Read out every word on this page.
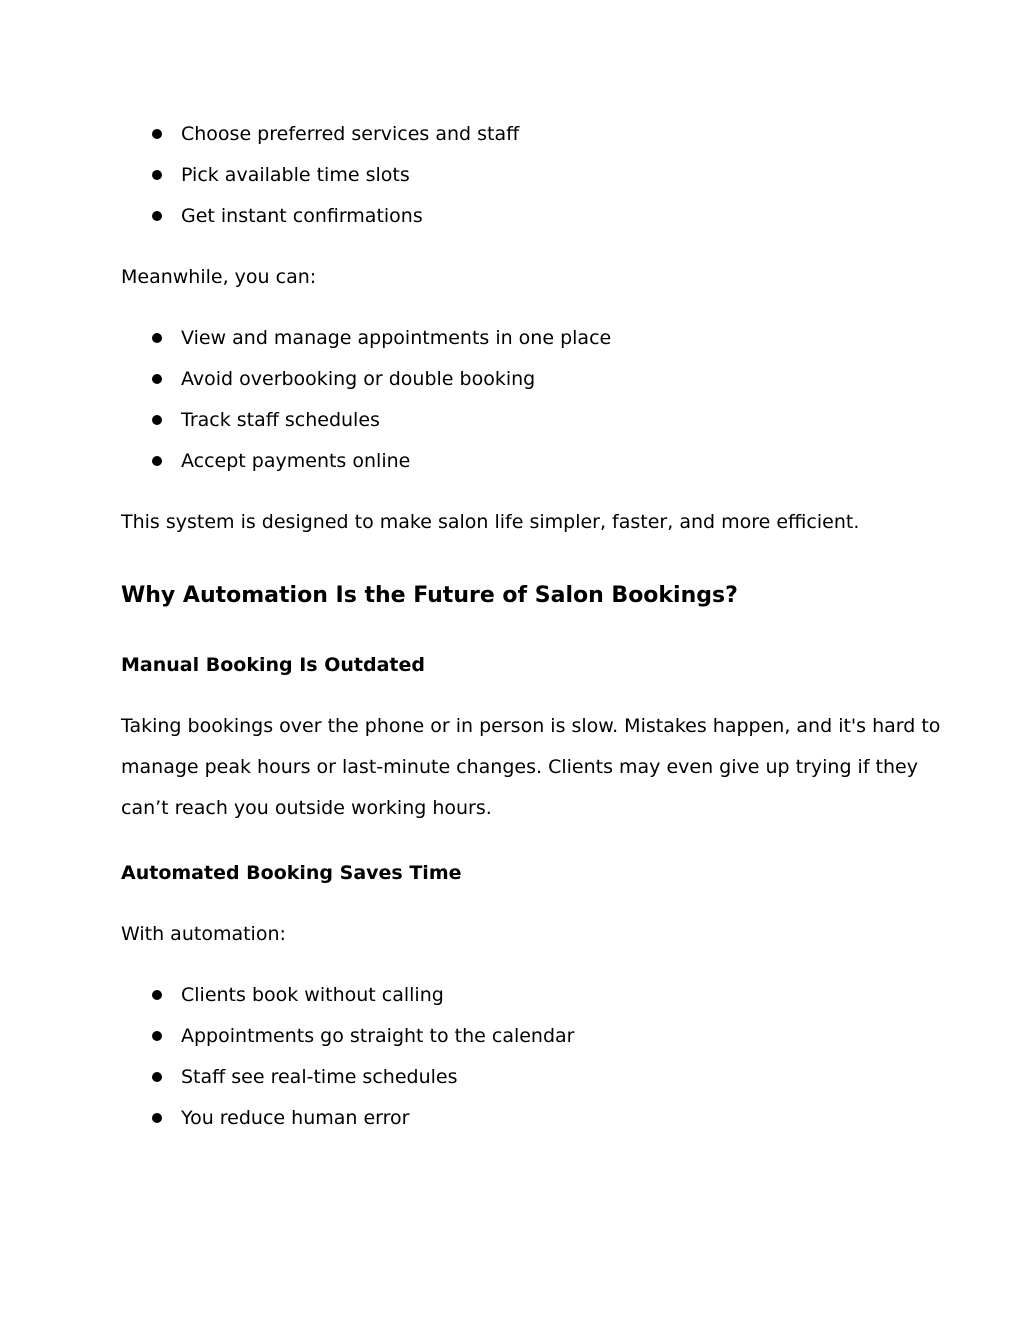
Choose preferred services and staff
Pick available time slots
Get instant confirmations
Meanwhile, you can:
View and manage appointments in one place
Avoid overbooking or double booking
Track staff schedules
Accept payments online
This system is designed to make salon life simpler, faster, and more efficient.
Why Automation Is the Future of Salon Bookings?
Manual Booking Is Outdated
Taking bookings over the phone or in person is slow. Mistakes happen, and it's hard to
manage peak hours or last-minute changes. Clients may even give up trying if they
can’t reach you outside working hours.
Automated Booking Saves Time
With automation:
Clients book without calling
Appointments go straight to the calendar
Staff see real-time schedules
You reduce human error
